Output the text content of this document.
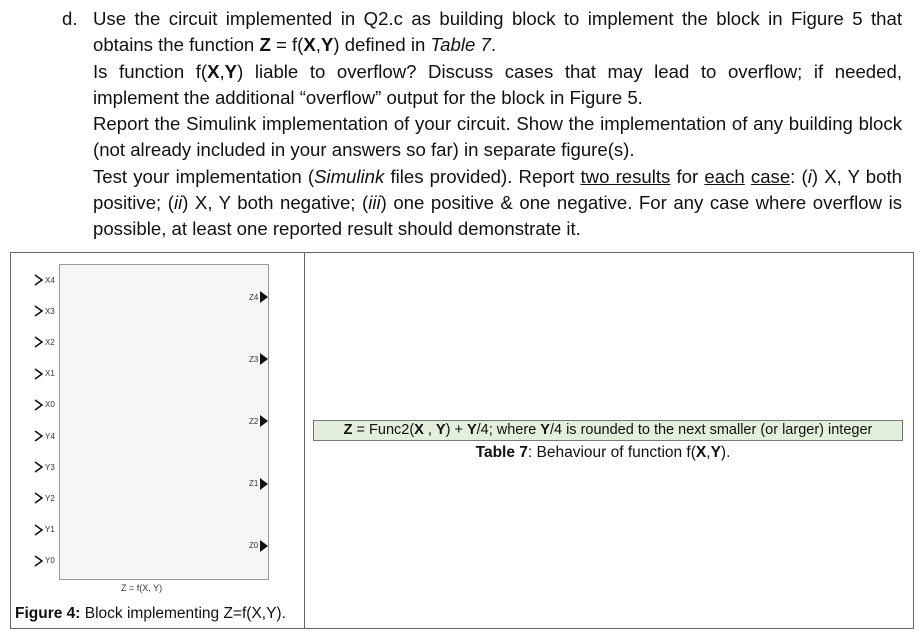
d. Use the circuit implemented in Q2.c as building block to implement the block in Figure 5 that obtains the function Z = f(X,Y) defined in Table 7.

Is function f(X,Y) liable to overflow? Discuss cases that may lead to overflow; if needed, implement the additional “overflow” output for the block in Figure 5.

Report the Simulink implementation of your circuit. Show the implementation of any building block (not already included in your answers so far) in separate figure(s).

Test your implementation (Simulink files provided). Report two results for each case: (i) X, Y both positive; (ii) X, Y both negative; (iii) one positive & one negative. For any case where overflow is possible, at least one reported result should demonstrate it.

Z = f(X, Y)
Figure 4: Block implementing Z=f(X,Y).
X4
X3
X2
X1
X0
Y4
Y3
Y2
Y1
Y0
Z4
Z3
Z2
Z1
Z0
Z = Func2(X , Y) + Y/4; where Y/4 is rounded to the next smaller (or larger) integer
Table 7: Behaviour of function f(X,Y).
